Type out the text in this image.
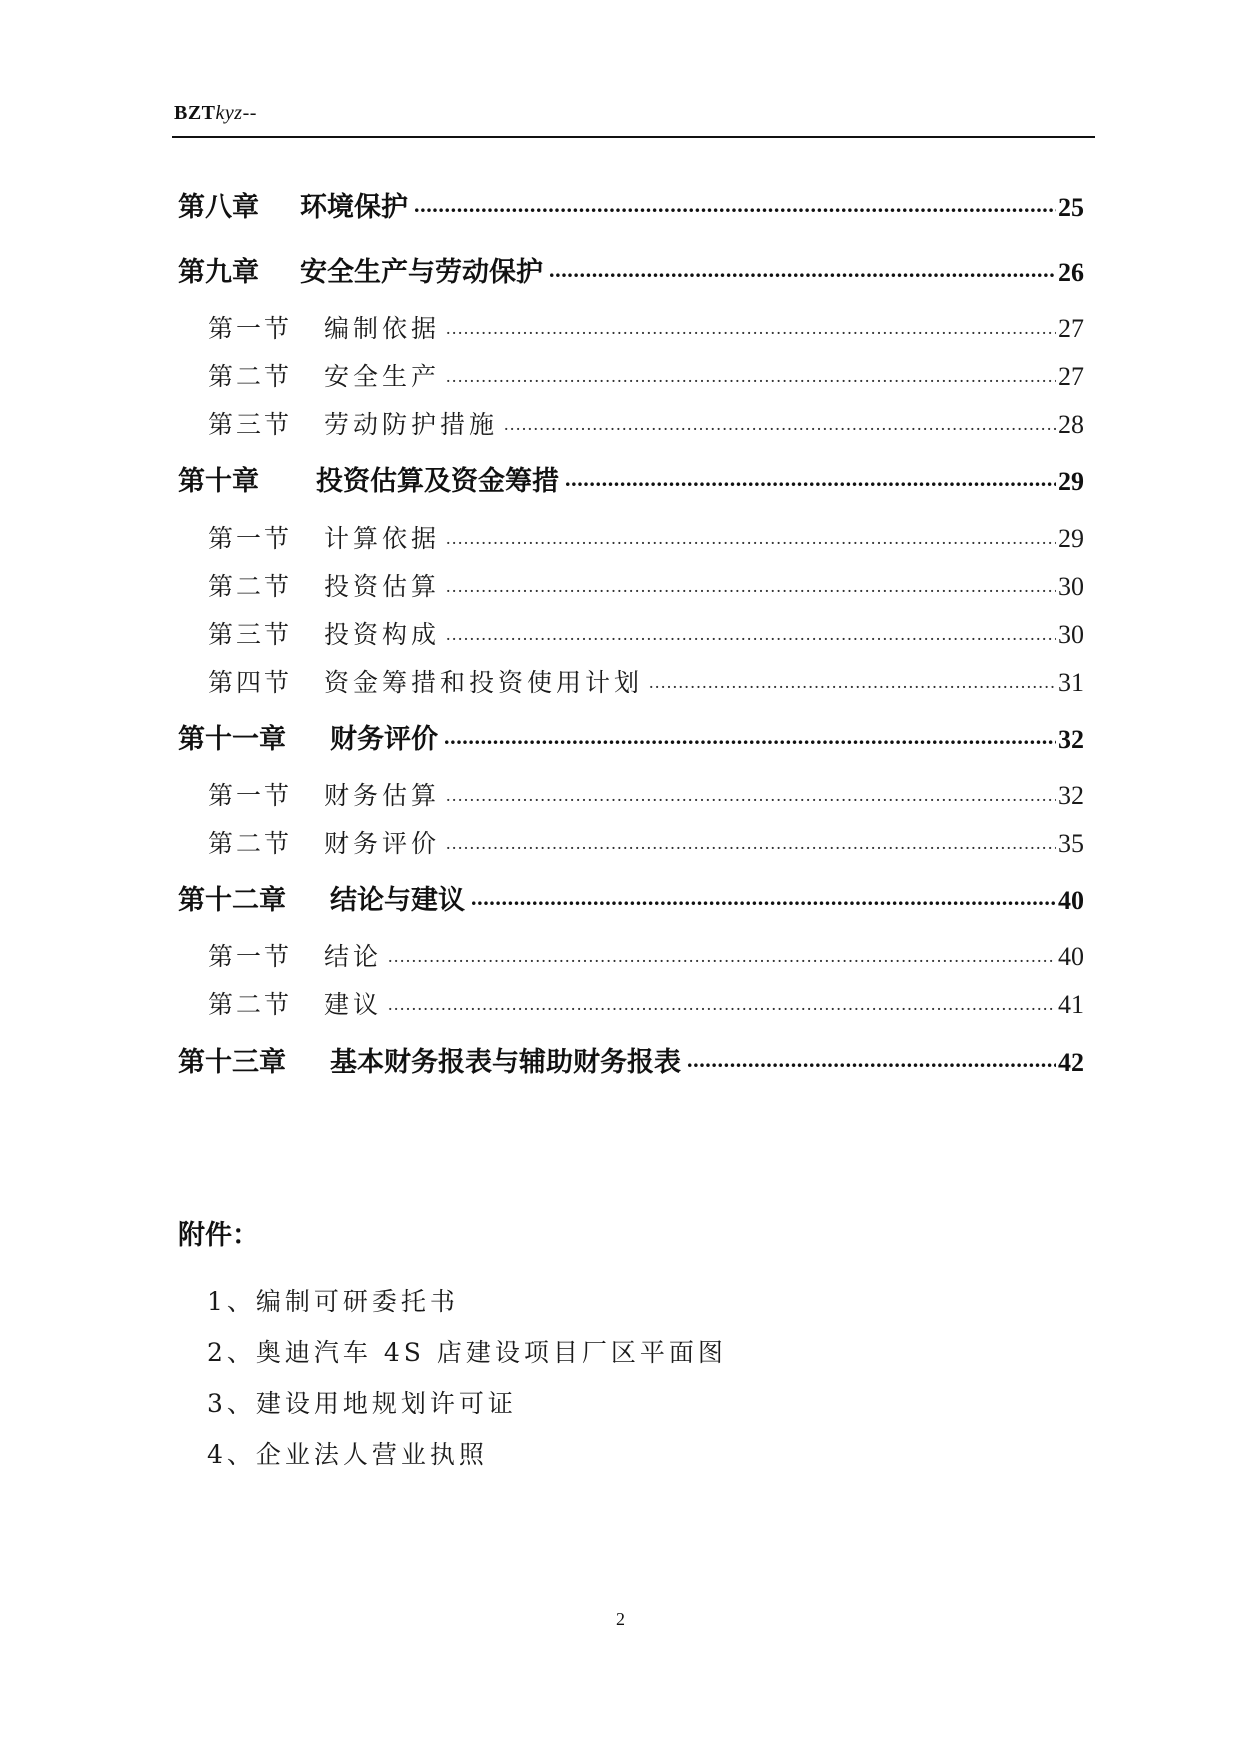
BZTkyz--
第八章	环境保护 .....	25
第九章	安全生产与劳动保护 .....	26
第一节	编制依据 .....	27
第二节	安全生产 .....	27
第三节	劳动防护措施 .....	28
第十章	投资估算及资金筹措 .....	29
第一节	计算依据 .....	29
第二节	投资估算 .....	30
第三节	投资构成 .....	30
第四节	资金筹措和投资使用计划 .....	31
第十一章	财务评价 .....	32
第一节	财务估算 .....	32
第二节	财务评价 .....	35
第十二章	结论与建议 .....	40
第一节	结论 .....	40
第二节	建议 .....	41
第十三章	基本财务报表与辅助财务报表 .....	42
附件：
1、编制可研委托书
2、奥迪汽车 4S 店建设项目厂区平面图
3、建设用地规划许可证
4、企业法人营业执照
2
